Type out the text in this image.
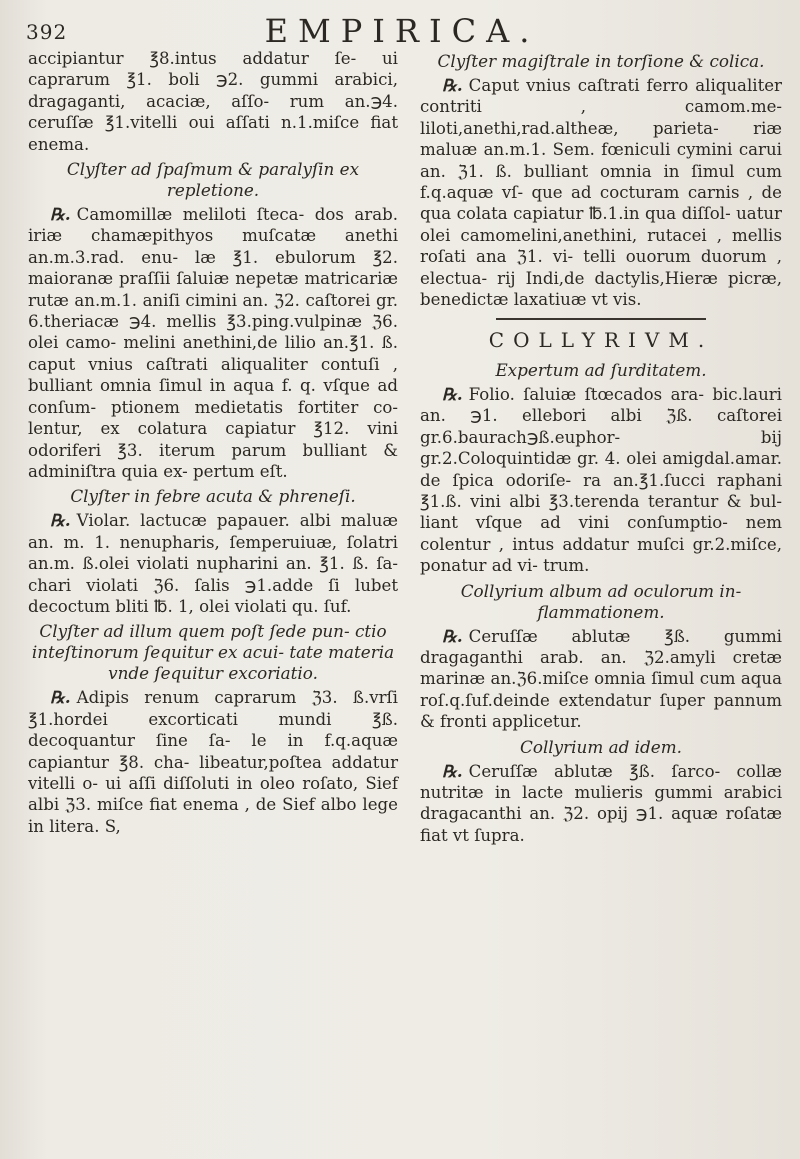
392	EMPIRICA.

accipiantur ℥8.intus addatur ſe- ui caprarum ℥1. boli ℈2. gummi arabici, dragaganti, acaciæ, aſſo- rum an.℈4. ceruſſæ ℥1.vitelli oui aſſati n.1.miſce fiat enema.

Clyſter ad ſpaſmum & paralyſin ex repletione.

℞. Camomillæ meliloti ſteca- dos arab. iriæ chamæpithyos muſcatæ anethi an.m.3.rad. enu- læ ℥1. ebulorum ℥2. maioranæ praſſii ſaluiæ nepetæ matricariæ rutæ an.m.1. aniſi cimini an. ℨ2. caſtorei gr. 6.theriacæ ℈4. mellis ℥3.ping.vulpinæ ℨ6. olei camo- melini anethini,de lilio an.℥1. ß. caput vnius caſtrati aliqualiter contuſi , bulliant omnia ſimul in aqua f. q. vſque ad conſum- ptionem medietatis fortiter co- lentur, ex colatura capiatur ℥12. vini odoriferi ℥3. iterum parum bulliant & adminiſtra quia ex- pertum eſt.

Clyſter in febre acuta & phreneſi.

℞. Violar. lactucæ papauer. albi maluæ an. m. 1. nenupharis, ſemperuiuæ, ſolatri an.m. ß.olei violati nupharini an. ℥1. ß. ſa- chari violati ℨ6. ſalis ℈1.adde ſi lubet decoctum bliti ℔. 1, olei violati qu. ſuf.

Clyſter ad illum quem poſt ſede pun- ctio inteſtinorum ſequitur ex acui- tate materia vnde ſequitur excoriatio.

℞. Adipis renum caprarum ℨ3. ß.vrſi ℥1.hordei excorticati mundi ℥ß. decoquantur ſine ſa- le in f.q.aquæ capiantur ℥8. cha- libeatur,poſtea addatur vitelli o- ui aſſi diſſoluti in oleo roſato, Sief albi ℨ3. miſce fiat enema , de Sief albo lege in litera. S,

Clyſter magiſtrale in torſione & colica.

℞. Caput vnius caſtrati ferro aliqualiter contriti , camom.me- liloti,anethi,rad.altheæ, parieta- riæ maluæ an.m.1. Sem. fœniculi cymini carui an. ℨ1. ß. bulliant omnia in ſimul cum f.q.aquæ vſ- que ad cocturam carnis , de qua colata capiatur ℔.1.in qua diſſol- uatur olei camomelini,anethini, rutacei , mellis roſati ana ℨ1. vi- telli ouorum duorum , electua- rij Indi,de dactylis,Hieræ picræ, benedictæ laxatiuæ vt vis.

COLLYRIVM.
Expertum ad ſurditatem.

℞. Folio. ſaluiæ ſtœcados ara- bic.lauri an. ℈1. ellebori albi ℨß. caſtorei gr.6.baurach℈ß.euphor- bij gr.2.Coloquintidæ gr. 4. olei amigdal.amar. de ſpica odoriſe- ra an.℥1.ſucci raphani ℥1.ß. vini albi ℥3.terenda terantur & bul- liant vſque ad vini conſumptio- nem colentur , intus addatur muſci gr.2.miſce, ponatur ad vi- trum.

Collyrium album ad oculorum in- flammationem.

℞. Ceruſſæ ablutæ ℥ß. gummi dragaganthi arab. an. ℨ2.amyli cretæ marinæ an.ℨ6.miſce omnia ſimul cum aqua roſ.q.ſuf.deinde extendatur ſuper pannum & fronti applicetur.

Collyrium ad idem.

℞. Ceruſſæ ablutæ ℥ß. ſarco- collæ nutritæ in lacte mulieris gummi arabici dragacanthi an. ℨ2. opij ℈1. aquæ roſatæ fiat vt ſupra.
